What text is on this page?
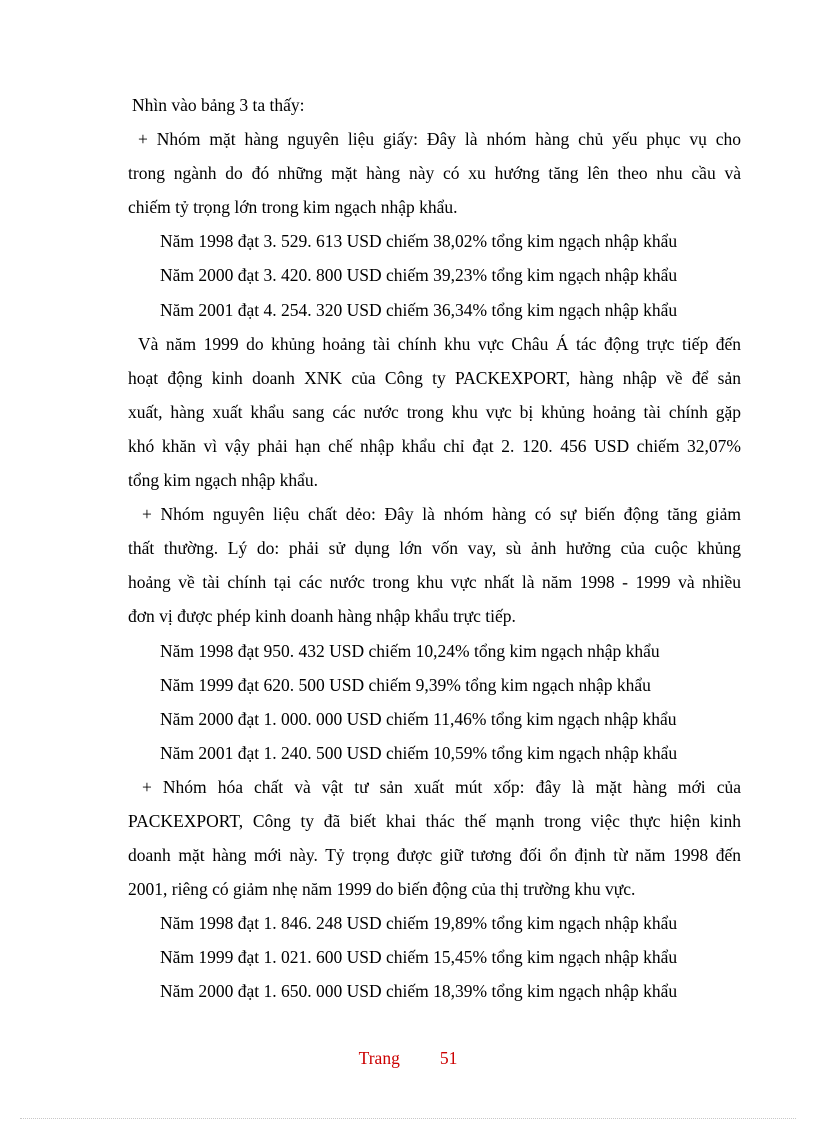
Nhìn vào bảng 3 ta thấy:
+ Nhóm mặt hàng nguyên liệu giấy: Đây là nhóm hàng chủ yếu phục vụ cho
trong ngành do đó những mặt hàng này có xu hướng tăng lên theo nhu cầu và
chiếm tỷ trọng lớn trong kim ngạch nhập khẩu.
Năm 1998 đạt 3. 529. 613 USD chiếm 38,02% tổng kim ngạch nhập khẩu
Năm 2000 đạt 3. 420. 800 USD chiếm 39,23% tổng kim ngạch nhập khẩu
Năm 2001 đạt 4. 254. 320 USD chiếm 36,34% tổng kim ngạch nhập khẩu
Và năm 1999 do khủng hoảng tài chính khu vực Châu Á tác động trực tiếp đến
hoạt động kinh doanh XNK của Công ty PACKEXPORT, hàng nhập về để sản
xuất, hàng xuất khẩu sang các nước trong khu vực bị khủng hoảng tài chính gặp
khó khăn vì vậy phải hạn chế nhập khẩu chỉ đạt 2. 120. 456 USD chiếm 32,07%
tổng kim ngạch nhập khẩu.
+ Nhóm nguyên liệu chất dẻo: Đây là nhóm hàng có sự biến động tăng giảm
thất thường. Lý do: phải sử dụng lớn vốn vay, sù ảnh hưởng của cuộc khủng
hoảng về tài chính tại các nước trong khu vực nhất là năm 1998 - 1999 và nhiều
đơn vị được phép kinh doanh hàng nhập khẩu trực tiếp.
Năm 1998 đạt 950. 432 USD chiếm 10,24% tổng kim ngạch nhập khẩu
Năm 1999 đạt 620. 500 USD chiếm 9,39% tổng kim ngạch nhập khẩu
Năm 2000 đạt 1. 000. 000 USD chiếm 11,46% tổng kim ngạch nhập khẩu
Năm 2001 đạt 1. 240. 500 USD chiếm 10,59% tổng kim ngạch nhập khẩu
+ Nhóm hóa chất và vật tư sản xuất mút xốp: đây là mặt hàng mới của
PACKEXPORT, Công ty đã biết khai thác thế mạnh trong việc thực hiện kinh
doanh mặt hàng mới này. Tỷ trọng được giữ tương đối ổn định từ năm 1998 đến
2001, riêng có giảm nhẹ năm 1999 do biến động của thị trường khu vực.
Năm 1998 đạt 1. 846. 248 USD chiếm 19,89% tổng kim ngạch nhập khẩu
Năm 1999 đạt 1. 021. 600 USD chiếm 15,45% tổng kim ngạch nhập khẩu
Năm 2000 đạt 1. 650. 000 USD chiếm 18,39% tổng kim ngạch nhập khẩu
Trang 51
